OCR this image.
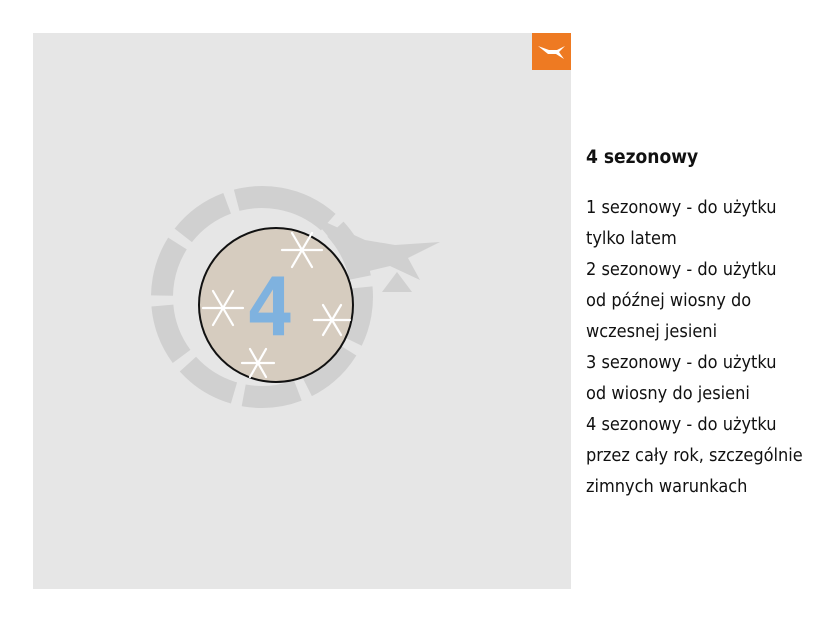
4
4 sezonowy

1 sezonowy - do użytku
tylko latem
2 sezonowy - do użytku
od późnej wiosny do
wczesnej jesieni
3 sezonowy - do użytku
od wiosny do jesieni
4 sezonowy - do użytku
przez cały rok, szczególnie
zimnych warunkach
